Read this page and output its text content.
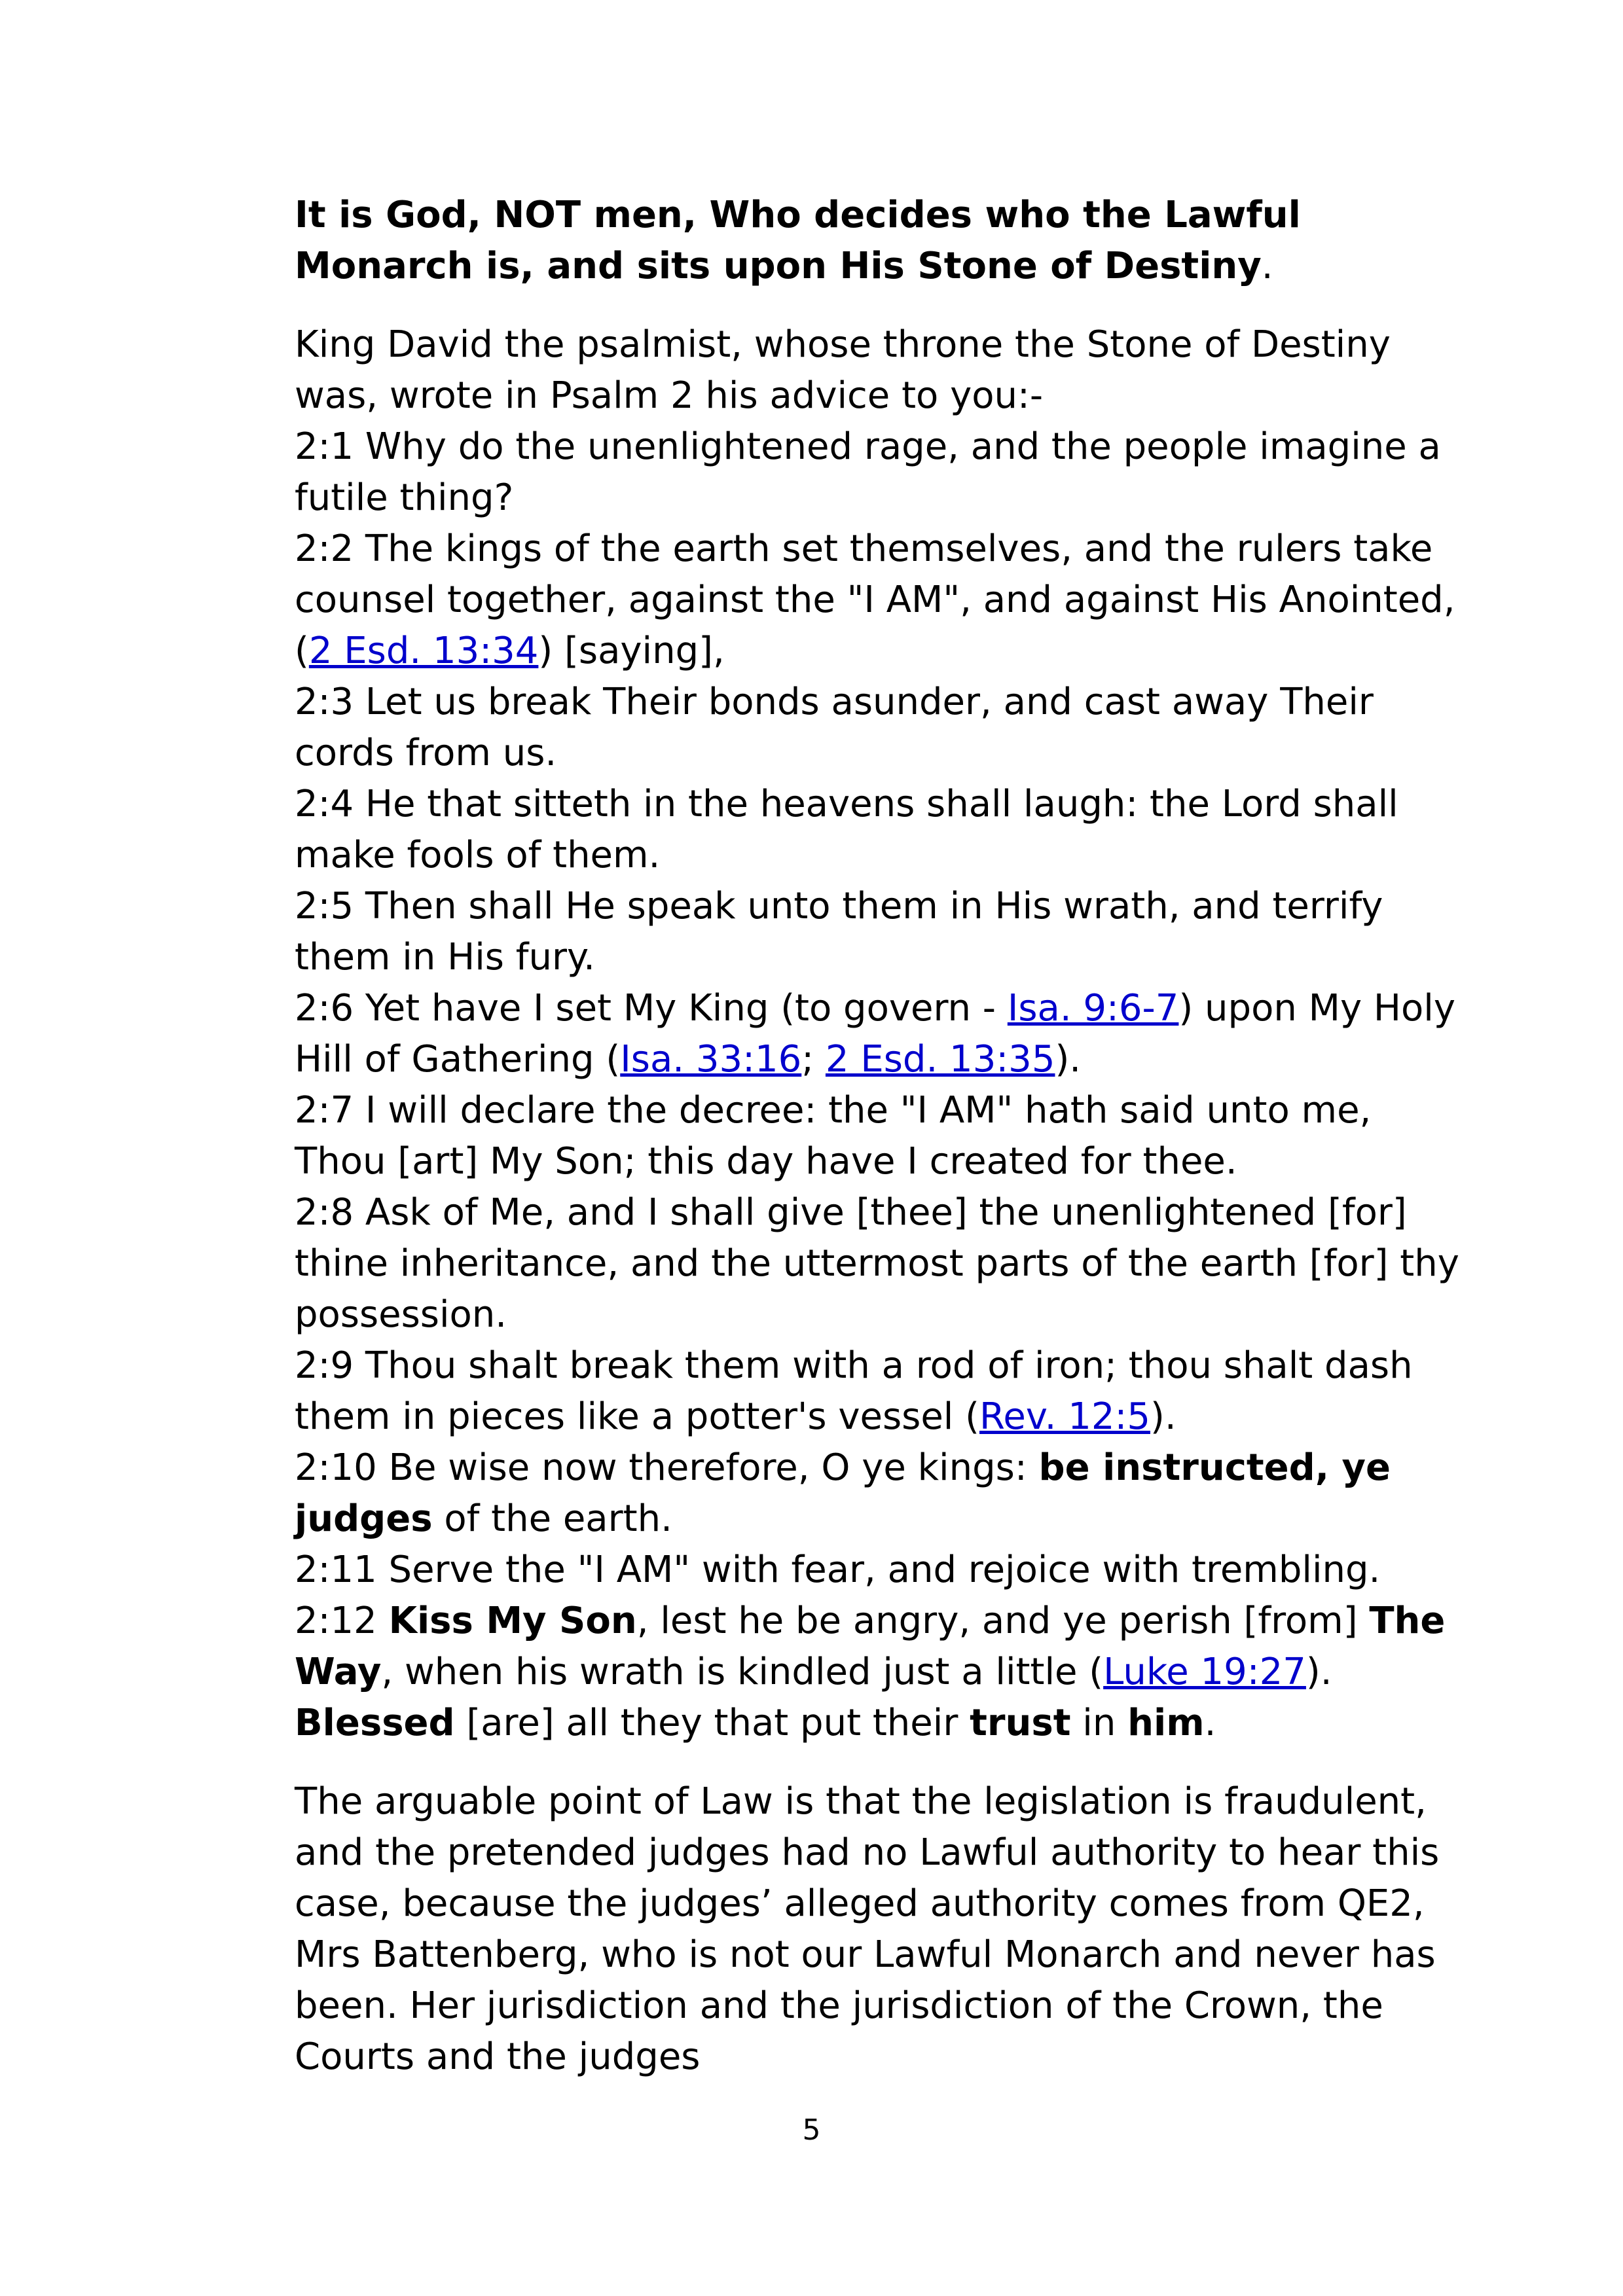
It is God, NOT men, Who decides who the Lawful Monarch is, and sits upon His Stone of Destiny.

King David the psalmist, whose throne the Stone of Destiny was, wrote in Psalm 2 his advice to you:-

2:1 Why do the unenlightened rage, and the people imagine a futile thing?

2:2 The kings of the earth set themselves, and the rulers take counsel together, against the "I AM", and against His Anointed, (2 Esd. 13:34) [saying],

2:3 Let us break Their bonds asunder, and cast away Their cords from us.

2:4 He that sitteth in the heavens shall laugh: the Lord shall make fools of them.

2:5 Then shall He speak unto them in His wrath, and terrify them in His fury.

2:6 Yet have I set My King (to govern - Isa. 9:6-7) upon My Holy Hill of Gathering (Isa. 33:16; 2 Esd. 13:35).

2:7 I will declare the decree: the "I AM" hath said unto me, Thou [art] My Son; this day have I created for thee.

2:8 Ask of Me, and I shall give [thee] the unenlightened [for] thine inheritance, and the uttermost parts of the earth [for] thy possession.

2:9 Thou shalt break them with a rod of iron; thou shalt dash them in pieces like a potter's vessel (Rev. 12:5).

2:10 Be wise now therefore, O ye kings: be instructed, ye judges of the earth.

2:11 Serve the "I AM" with fear, and rejoice with trembling.

2:12 Kiss My Son, lest he be angry, and ye perish [from] The Way, when his wrath is kindled just a little (Luke 19:27). Blessed [are] all they that put their trust in him.

The arguable point of Law is that the legislation is fraudulent, and the pretended judges had no Lawful authority to hear this case, because the judges’ alleged authority comes from QE2, Mrs Battenberg, who is not our Lawful Monarch and never has been. Her jurisdiction and the jurisdiction of the Crown, the Courts and the judges

5
